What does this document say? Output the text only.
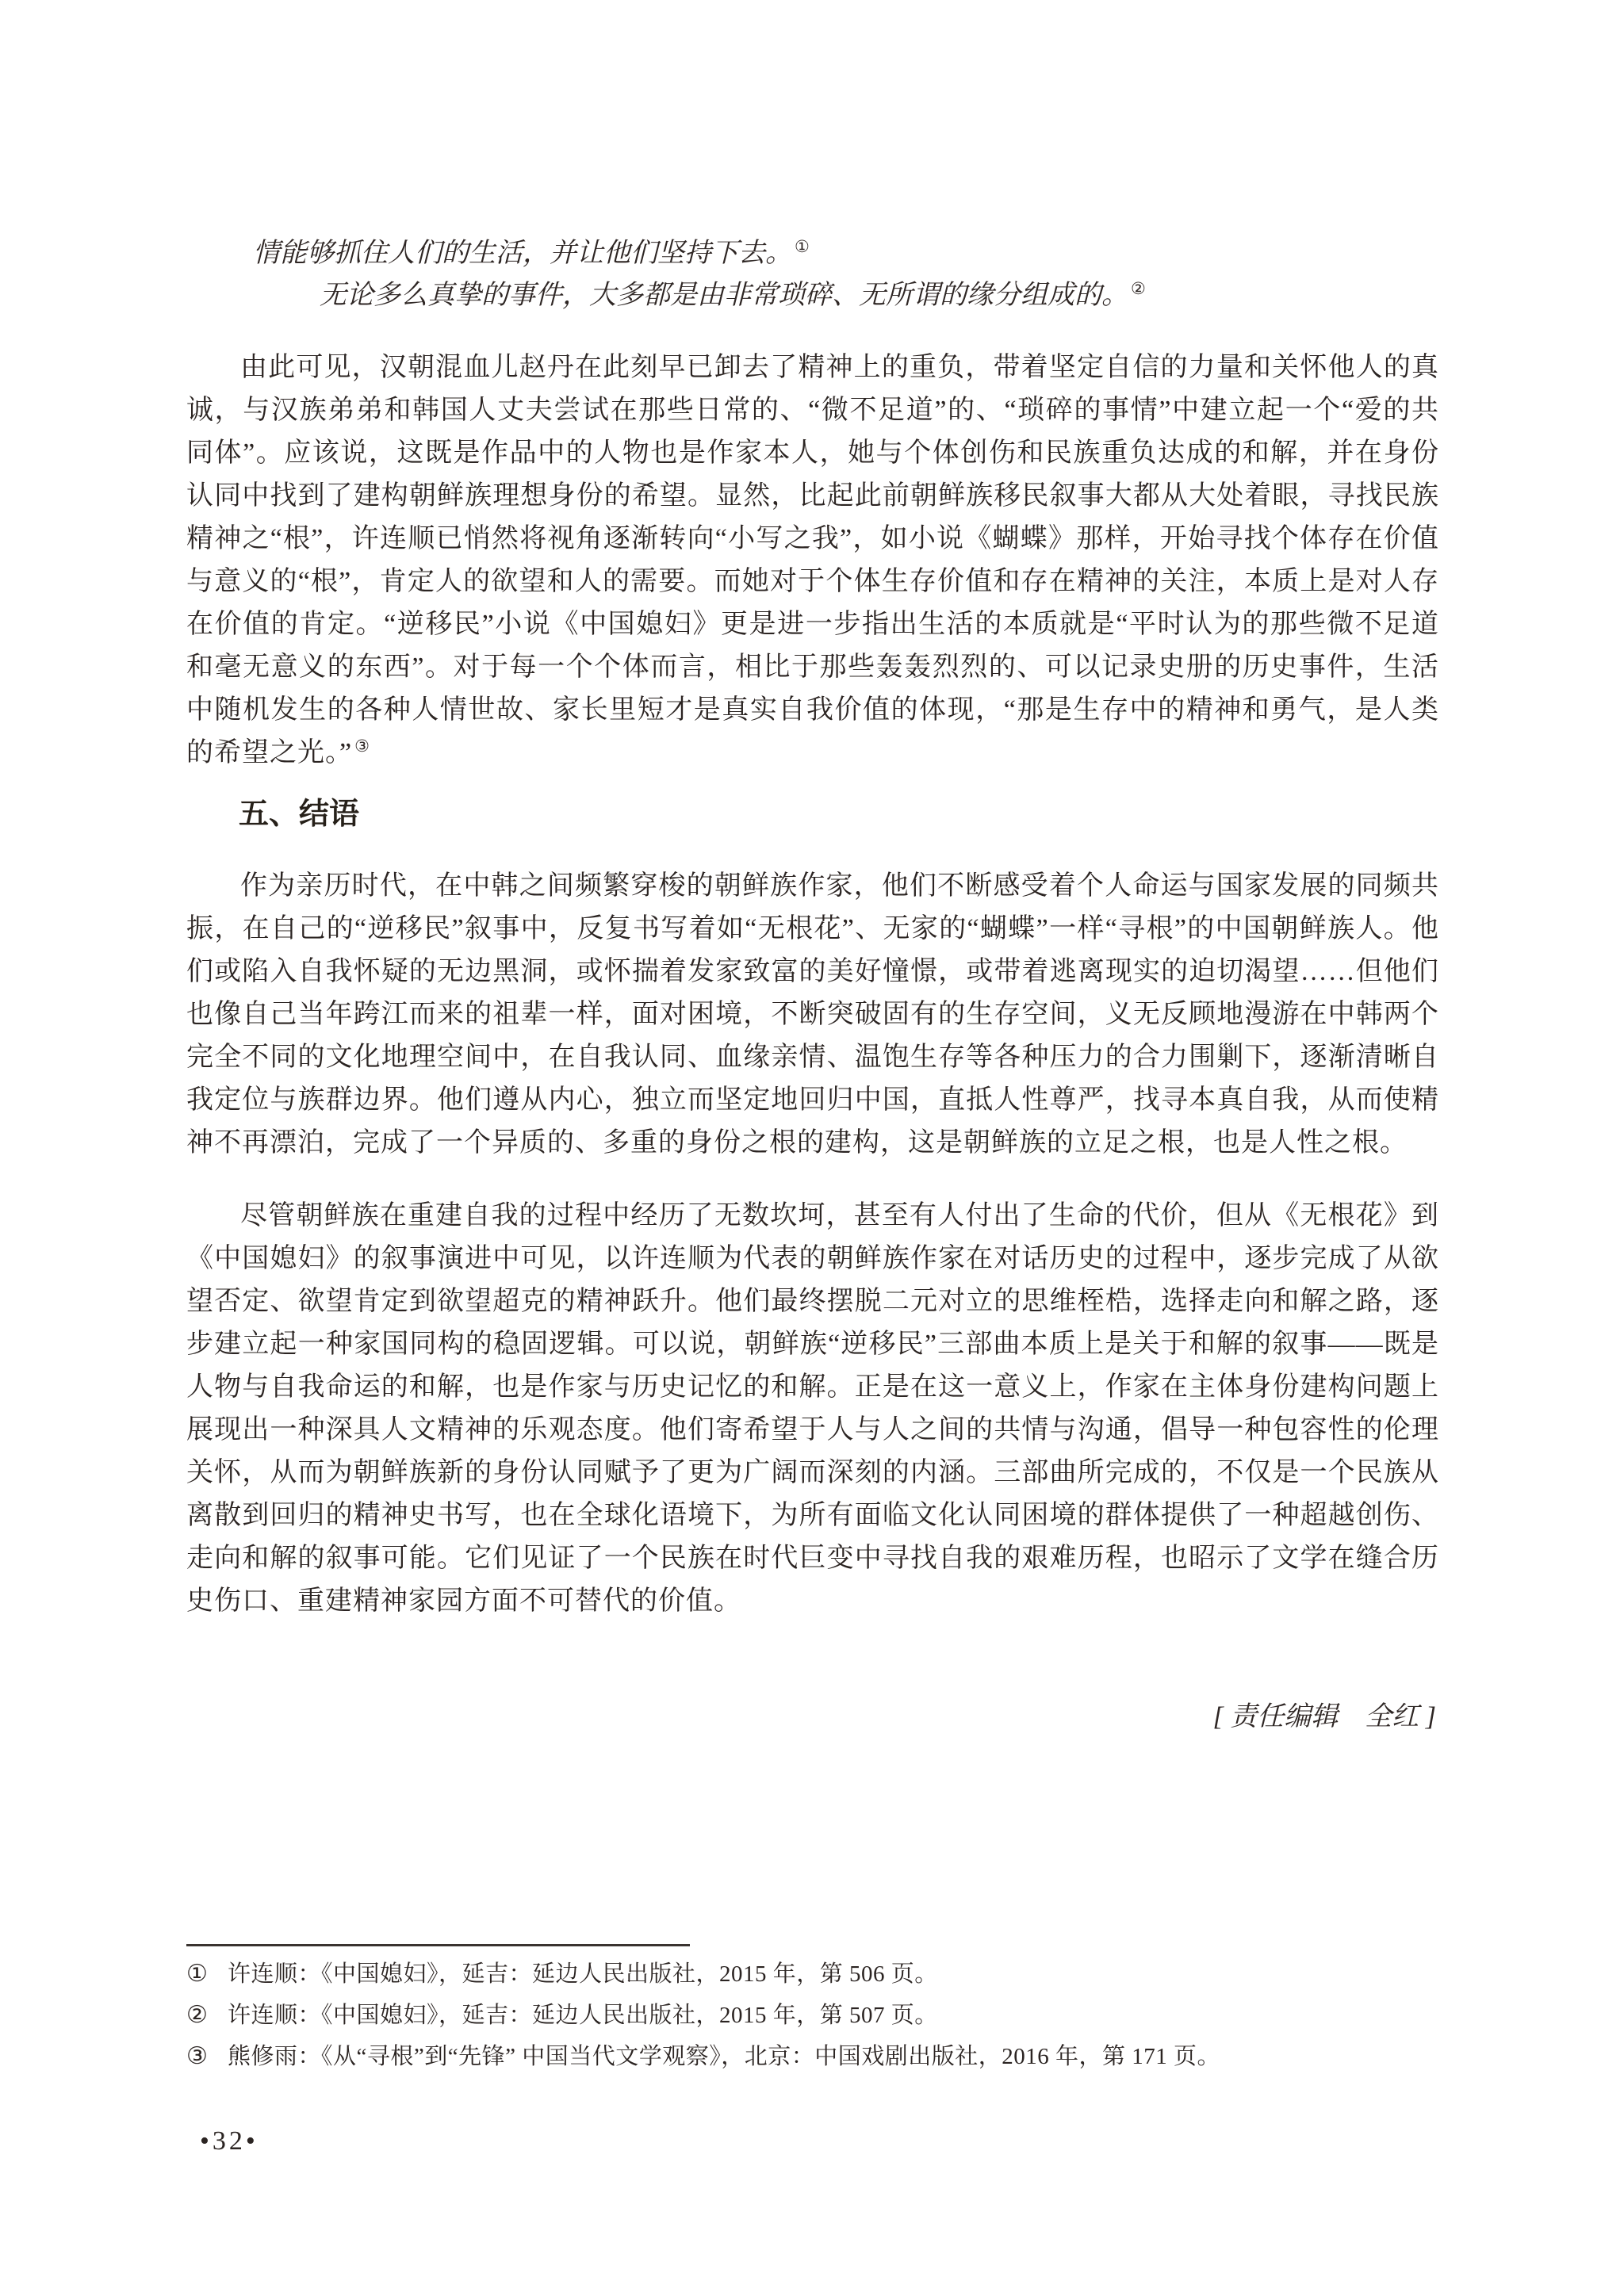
情能够抓住人们的生活，并让他们坚持下去。 ①
无论多么真挚的事件，大多都是由非常琐碎、无所谓的缘分组成的。 ②

由此可见，汉朝混血儿赵丹在此刻早已卸去了精神上的重负，带着坚定自信的力量和关怀他人的真诚，与汉族弟弟和韩国人丈夫尝试在那些日常的、“微不足道”的、“琐碎的事情”中建立起一个“爱的共同体”。应该说，这既是作品中的人物也是作家本人，她与个体创伤和民族重负达成的和解，并在身份认同中找到了建构朝鲜族理想身份的希望。显然，比起此前朝鲜族移民叙事大都从大处着眼，寻找民族精神之“根”，许连顺已悄然将视角逐渐转向“小写之我”，如小说《蝴蝶》那样，开始寻找个体存在价值与意义的“根”，肯定人的欲望和人的需要。而她对于个体生存价值和存在精神的关注，本质上是对人存在价值的肯定。“逆移民”小说《中国媳妇》更是进一步指出生活的本质就是“平时认为的那些微不足道和毫无意义的东西”。对于每一个个体而言，相比于那些轰轰烈烈的、可以记录史册的历史事件，生活中随机发生的各种人情世故、家长里短才是真实自我价值的体现，“那是生存中的精神和勇气，是人类的希望之光。” ③

五、结语

作为亲历时代，在中韩之间频繁穿梭的朝鲜族作家，他们不断感受着个人命运与国家发展的同频共振，在自己的“逆移民”叙事中，反复书写着如“无根花”、无家的“蝴蝶”一样“寻根”的中国朝鲜族人。他们或陷入自我怀疑的无边黑洞，或怀揣着发家致富的美好憧憬，或带着逃离现实的迫切渴望……但他们也像自己当年跨江而来的祖辈一样，面对困境，不断突破固有的生存空间，义无反顾地漫游在中韩两个完全不同的文化地理空间中，在自我认同、血缘亲情、温饱生存等各种压力的合力围剿下，逐渐清晰自我定位与族群边界。他们遵从内心，独立而坚定地回归中国，直抵人性尊严，找寻本真自我，从而使精神不再漂泊，完成了一个异质的、多重的身份之根的建构，这是朝鲜族的立足之根，也是人性之根。

尽管朝鲜族在重建自我的过程中经历了无数坎坷，甚至有人付出了生命的代价，但从《无根花》到《中国媳妇》的叙事演进中可见，以许连顺为代表的朝鲜族作家在对话历史的过程中，逐步完成了从欲望否定、欲望肯定到欲望超克的精神跃升。他们最终摆脱二元对立的思维桎梏，选择走向和解之路，逐步建立起一种家国同构的稳固逻辑。可以说，朝鲜族“逆移民”三部曲本质上是关于和解的叙事——既是人物与自我命运的和解，也是作家与历史记忆的和解。正是在这一意义上，作家在主体身份建构问题上展现出一种深具人文精神的乐观态度。他们寄希望于人与人之间的共情与沟通，倡导一种包容性的伦理关怀，从而为朝鲜族新的身份认同赋予了更为广阔而深刻的内涵。三部曲所完成的，不仅是一个民族从离散到回归的精神史书写，也在全球化语境下，为所有面临文化认同困境的群体提供了一种超越创伤、走向和解的叙事可能。它们见证了一个民族在时代巨变中寻找自我的艰难历程，也昭示了文学在缝合历史伤口、重建精神家园方面不可替代的价值。

[ 责任编辑　全红 ]
① 许连顺：《中国媳妇》，延吉：延边人民出版社，2015 年，第 506 页。
② 许连顺：《中国媳妇》，延吉：延边人民出版社，2015 年，第 507 页。
③ 熊修雨：《从“寻根”到“先锋” 中国当代文学观察》，北京：中国戏剧出版社，2016 年，第 171 页。
•32•
